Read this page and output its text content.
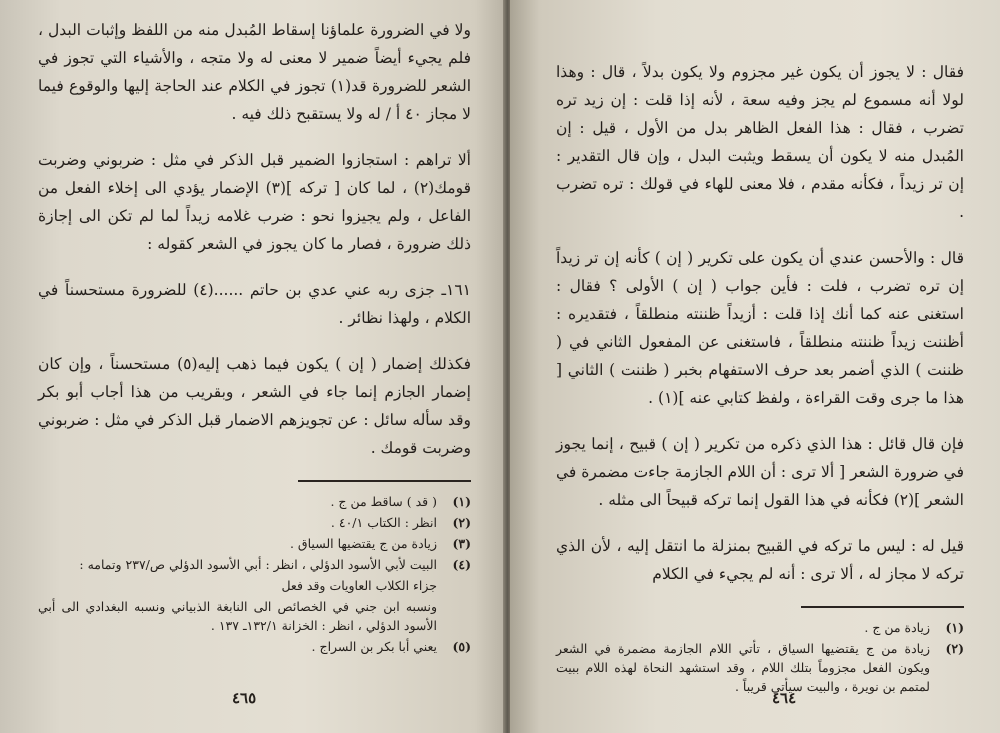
ولا في الضرورة علماؤنا إسقاط المُبدل منه من اللفظ وإثبات البدل ، فلم يجيء أيضاً ضمير لا معنى له ولا متجه ، والأشياء التي تجوز في الشعر للضرورة قد(١) تجوز في الكلام عند الحاجة إليها والوقوع فيما لا مجاز ٤٠ أ / له ولا يستقبح ذلك فيه .

ألا تراهم : استجازوا الضمير قبل الذكر في مثل : ضربوني وضربت قومك(٢) ، لما كان [ تركه ](٣) الإضمار يؤدي الى إخلاء الفعل من الفاعل ، ولم يجيزوا نحو : ضرب غلامه زيداً لما لم تكن الى إجازة ذلك ضرورة ، فصار ما كان يجوز في الشعر كقوله :

١٦١ـ جزى ربه عني عدي بن حاتم ......(٤) للضرورة مستحسناً في الكلام ، ولهذا نظائر .

فكذلك إضمار ( إن ) يكون فيما ذهب إليه(٥) مستحسناً ، وإن كان إضمار الجازم إنما جاء في الشعر ، وبقريب من هذا أجاب أبو بكر وقد سأله سائل : عن تجويزهم الاضمار قبل الذكر في مثل : ضربوني وضربت قومك .

(١)
( قد ) ساقط من ج .
(٢)
انظر : الكتاب ٤٠/١ .
(٣)
زيادة من ج يقتضيها السياق .
(٤)
البيت لأبي الأسود الدؤلي ، انظر : أبي الأسود الدؤلي ص/٢٣٧ وتمامه :
جزاء الكلاب العاويات وقد فعل
ونسبه ابن جني في الخصائص الى النابغة الذبياني ونسبه البغدادي الى أبي الأسود الدؤلي ، انظر : الخزانة ١٣٢/١ـ ١٣٧ .
(٥)
يعني أبا بكر بن السراج .
٤٦٥

فقال : لا يجوز أن يكون غير مجزوم ولا يكون بدلاً ، قال : وهذا لولا أنه مسموع لم يجز وفيه سعة ، لأنه إذا قلت : إن زيد تره تضرب ، فقال : هذا الفعل الظاهر بدل من الأول ، قيل : إن المُبدل منه لا يكون أن يسقط ويثبت البدل ، وإن قال التقدير : إن تر زيداً ، فكأنه مقدم ، فلا معنى للهاء في قولك : تره تضرب .

قال : والأحسن عندي أن يكون على تكرير ( إن ) كأنه إن تر زيداً إن تره تضرب ، فلت : فأين جواب ( إن ) الأولى ؟ فقال : استغنى عنه كما أنك إذا قلت : أزيداً ظننته منطلقاً ، فتقديره : أظننت زيداً ظننته منطلقاً ، فاستغنى عن المفعول الثاني في ( ظننت ) الذي أضمر بعد حرف الاستفهام بخبر ( ظننت ) الثاني [ هذا ما جرى وقت القراءة ، ولفظ كتابي عنه ](١) .

فإن قال قائل : هذا الذي ذكره من تكرير ( إن ) قبيح ، إنما يجوز في ضرورة الشعر [ ألا ترى : أن اللام الجازمة جاءت مضمرة في الشعر ](٢) فكأنه في هذا القول إنما تركه قبيحاً الى مثله .

قيل له : ليس ما تركه في القبيح بمنزلة ما انتقل إليه ، لأن الذي تركه لا مجاز له ، ألا ترى : أنه لم يجيء في الكلام

(١)
زيادة من ج .
(٢)
زيادة من ج يقتضيها السياق ، تأتي اللام الجازمة مضمرة في الشعر ويكون الفعل مجزوماً بتلك اللام ، وقد استشهد النحاة لهذه اللام ببيت لمتمم بن نويرة ، والبيت سيأتي قريباً .
٤٦٤
